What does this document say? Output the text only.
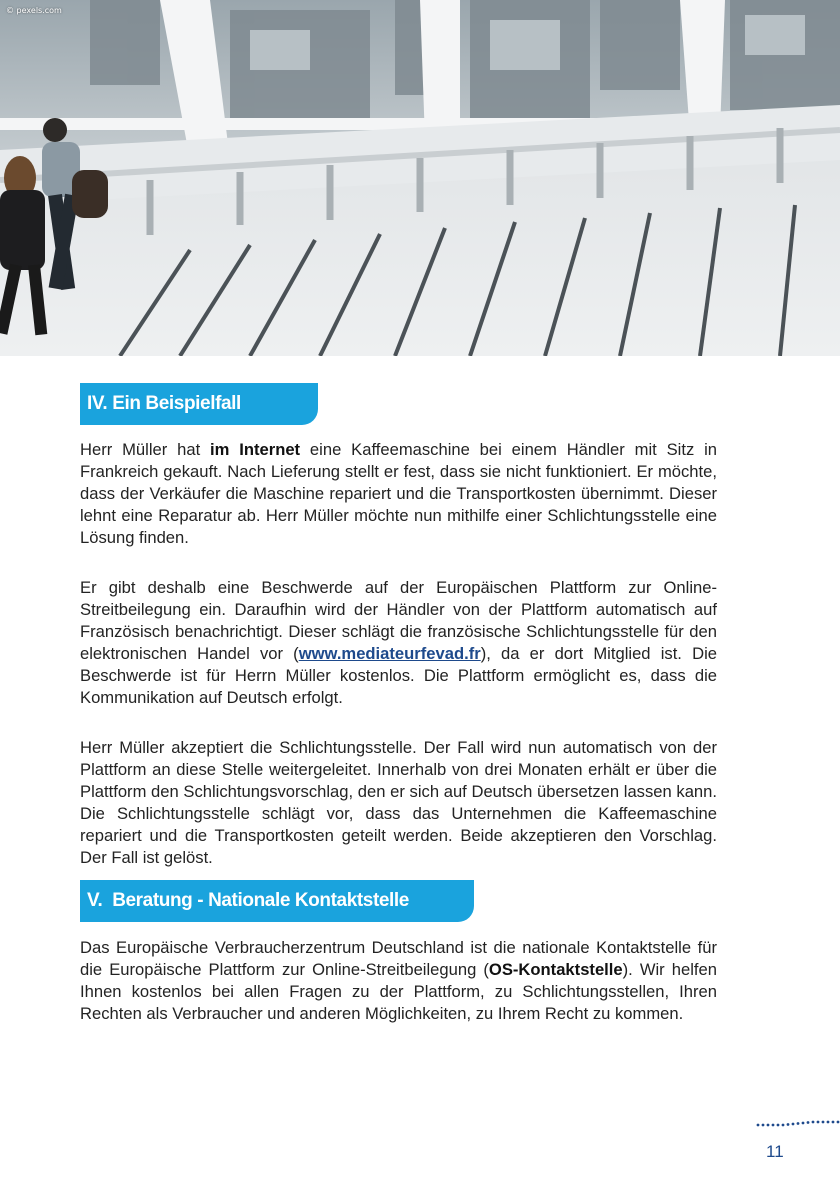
© pexels.com
IV. Ein Beispielfall

Herr Müller hat im Internet eine Kaffeemaschine bei einem Händler mit Sitz in Frankreich gekauft. Nach Lieferung stellt er fest, dass sie nicht funktioniert. Er möchte, dass der Verkäufer die Maschine repariert und die Transportkosten übernimmt. Dieser lehnt eine Reparatur ab. Herr Müller möchte nun mithilfe einer Schlichtungsstelle eine Lösung finden.

Er gibt deshalb eine Beschwerde auf der Europäischen Plattform zur Online-Streitbeilegung ein. Daraufhin wird der Händler von der Plattform automatisch auf Französisch benachrichtigt. Dieser schlägt die französische Schlichtungsstelle für den elektronischen Handel vor (www.mediateurfevad.fr), da er dort Mitglied ist. Die Beschwerde ist für Herrn Müller kostenlos. Die Plattform ermöglicht es, dass die Kommunikation auf Deutsch erfolgt.

Herr Müller akzeptiert die Schlichtungsstelle. Der Fall wird nun automatisch von der Plattform an diese Stelle weitergeleitet. Innerhalb von drei Monaten erhält er über die Plattform den Schlichtungsvorschlag, den er sich auf Deutsch übersetzen lassen kann. Die Schlichtungsstelle schlägt vor, dass das Unternehmen die Kaffeemaschine repariert und die Transportkosten geteilt werden. Beide akzeptieren den Vorschlag. Der Fall ist gelöst.

V. Beratung - Nationale Kontaktstelle

Das Europäische Verbraucherzentrum Deutschland ist die nationale Kontaktstelle für die Europäische Plattform zur Online-Streitbeilegung (OS-Kontaktstelle). Wir helfen Ihnen kostenlos bei allen Fragen zu der Plattform, zu Schlichtungsstellen, Ihren Rechten als Verbraucher und anderen Möglichkeiten, zu Ihrem Recht zu kommen.

11
